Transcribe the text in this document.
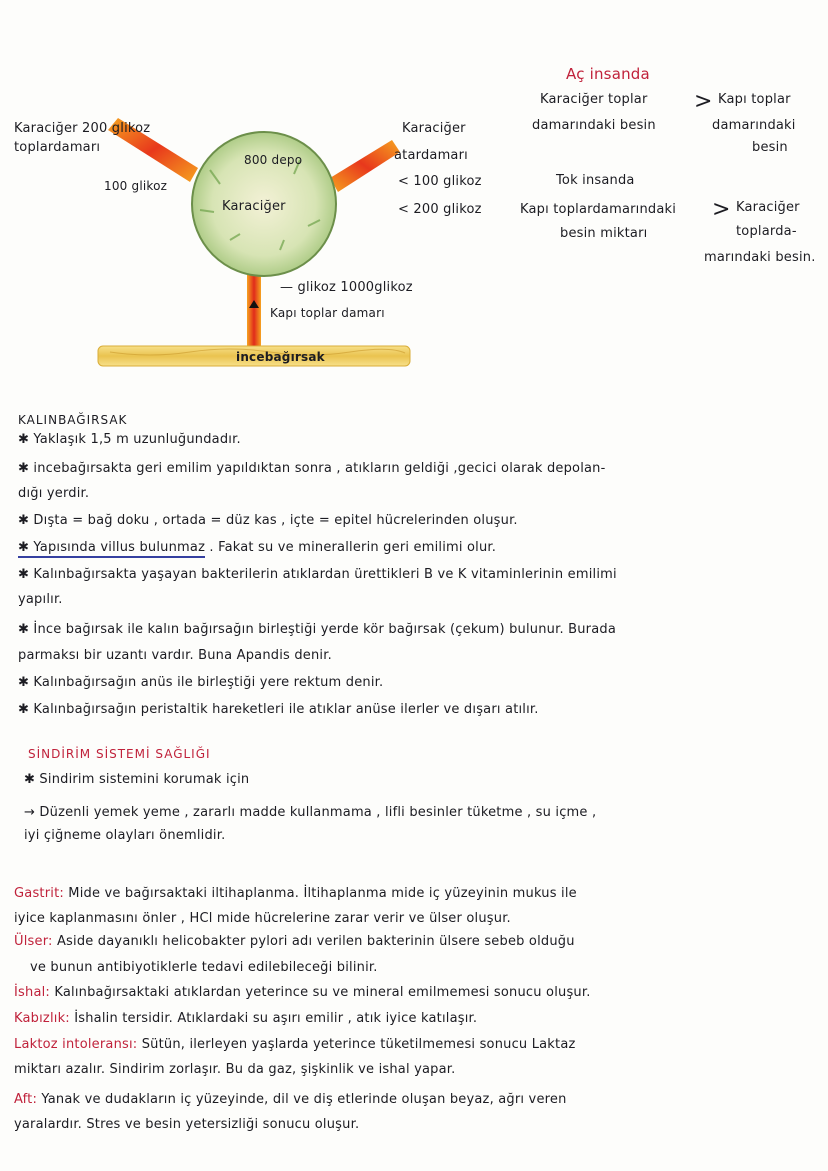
Karaciğer 200 glikoz
toplardamarı
100 glikoz
800 depo
Karaciğer
Karaciğer
atardamarı
< 100 glikoz
< 200 glikoz
— glikoz 1000glikoz
Kapı toplar damarı
incebağırsak
Aç insanda
Karaciğer toplar
damarındaki besin
> Kapı toplar
damarındaki
besin
Tok insanda
Kapı toplardamarındaki
besin miktarı
> Karaciğer
toplarda-
marındaki besin.
KALINBAĞIRSAK
✱ Yaklaşık 1,5 m uzunluğundadır.
✱ incebağırsakta geri emilim yapıldıktan sonra , atıkların geldiği ,gecici olarak depolan-
dığı yerdir.
✱ Dışta = bağ doku , ortada = düz kas , içte = epitel hücrelerinden oluşur.
✱ Yapısında villus bulunmaz . Fakat su ve minerallerin geri emilimi olur.
✱ Kalınbağırsakta yaşayan bakterilerin atıklardan ürettikleri B ve K vitaminlerinin emilimi
yapılır.
✱ İnce bağırsak ile kalın bağırsağın birleştiği yerde kör bağırsak (çekum) bulunur. Burada
parmaksı bir uzantı vardır. Buna Apandis denir.
✱ Kalınbağırsağın anüs ile birleştiği yere rektum denir.
✱ Kalınbağırsağın peristaltik hareketleri ile atıklar anüse ilerler ve dışarı atılır.
SİNDİRİM SİSTEMİ SAĞLIĞI
✱ Sindirim sistemini korumak için
→ Düzenli yemek yeme , zararlı madde kullanmama , lifli besinler tüketme , su içme ,
iyi çiğneme olayları önemlidir.
Gastrit: Mide ve bağırsaktaki iltihaplanma. İltihaplanma mide iç yüzeyinin mukus ile
iyice kaplanmasını önler , HCl mide hücrelerine zarar verir ve ülser oluşur.
Ülser: Aside dayanıklı helicobakter pylori adı verilen bakterinin ülsere sebeb olduğu
ve bunun antibiyotiklerle tedavi edilebileceği bilinir.
İshal: Kalınbağırsaktaki atıklardan yeterince su ve mineral emilmemesi sonucu oluşur.
Kabızlık: İshalin tersidir. Atıklardaki su aşırı emilir , atık iyice katılaşır.
Laktoz intoleransı: Sütün, ilerleyen yaşlarda yeterince tüketilmemesi sonucu Laktaz
miktarı azalır. Sindirim zorlaşır. Bu da gaz, şişkinlik ve ishal yapar.
Aft: Yanak ve dudakların iç yüzeyinde, dil ve diş etlerinde oluşan beyaz, ağrı veren
yaralardır. Stres ve besin yetersizliği sonucu oluşur.
